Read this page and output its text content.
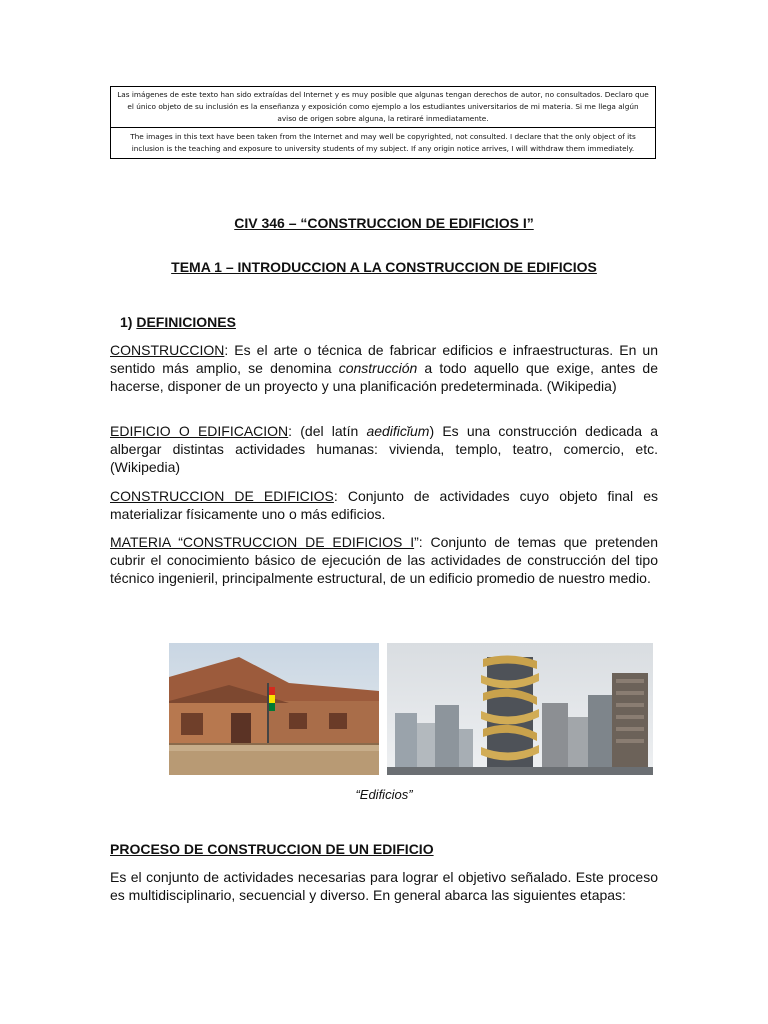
Las imágenes de este texto han sido extraídas del Internet y es muy posible que algunas tengan derechos de autor, no consultados. Declaro que el único objeto de su inclusión es la enseñanza y exposición como ejemplo a los estudiantes universitarios de mi materia. Si me llega algún aviso de origen sobre alguna, la retiraré inmediatamente.
The images in this text have been taken from the Internet and may well be copyrighted, not consulted. I declare that the only object of its inclusion is the teaching and exposure to university students of my subject. If any origin notice arrives, I will withdraw them immediately.
CIV 346 – “CONSTRUCCION DE EDIFICIOS I”
TEMA 1 – INTRODUCCION A LA CONSTRUCCION DE EDIFICIOS
1) DEFINICIONES
CONSTRUCCION: Es el arte o técnica de fabricar edificios e infraestructuras. En un sentido más amplio, se denomina construcción a todo aquello que exige, antes de hacerse, disponer de un proyecto y una planificación predeterminada. (Wikipedia)
EDIFICIO O EDIFICACION: (del latín aedificĭum) Es una construcción dedicada a albergar distintas actividades humanas: vivienda, templo, teatro, comercio, etc.(Wikipedia)
CONSTRUCCION DE EDIFICIOS: Conjunto de actividades cuyo objeto final es materializar físicamente uno o más edificios.
MATERIA “CONSTRUCCION DE EDIFICIOS I”: Conjunto de temas que pretenden cubrir el conocimiento básico de ejecución de las actividades de construcción del tipo técnico ingenieril, principalmente estructural, de un edificio promedio de nuestro medio.
“Edificios”
PROCESO DE CONSTRUCCION DE UN EDIFICIO
Es el conjunto de actividades necesarias para lograr el objetivo señalado. Este proceso es multidisciplinario, secuencial y diverso. En general abarca las siguientes etapas:
